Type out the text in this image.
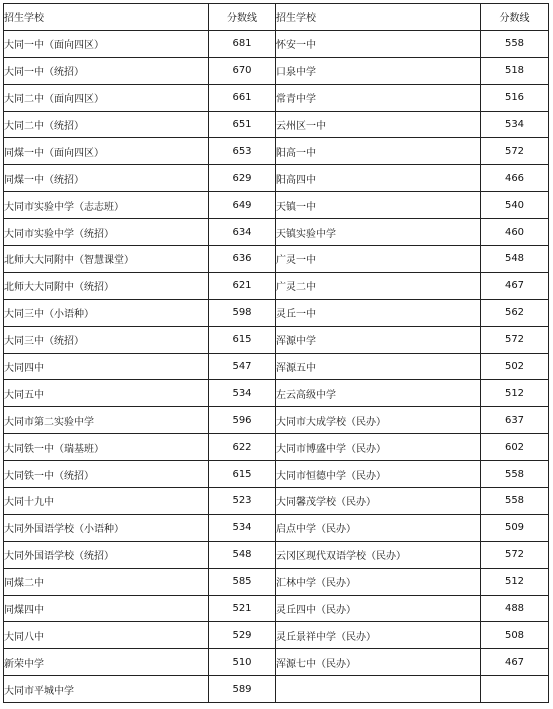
招生学校	分数线	招生学校	分数线
大同一中（面向四区）	681	怀安一中	558
大同一中（统招）	670	口泉中学	518
大同二中（面向四区）	661	常青中学	516
大同二中（统招）	651	云州区一中	534
同煤一中（面向四区）	653	阳高一中	572
同煤一中（统招）	629	阳高四中	466
大同市实验中学（志志班）	649	天镇一中	540
大同市实验中学（统招）	634	天镇实验中学	460
北师大大同附中（智慧课堂）	636	广灵一中	548
北师大大同附中（统招）	621	广灵二中	467
大同三中（小语种）	598	灵丘一中	562
大同三中（统招）	615	浑源中学	572
大同四中	547	浑源五中	502
大同五中	534	左云高级中学	512
大同市第二实验中学	596	大同市大成学校（民办）	637
大同铁一中（瑞基班）	622	大同市博盛中学（民办）	602
大同铁一中（统招）	615	大同市恒德中学（民办）	558
大同十九中	523	大同馨茂学校（民办）	558
大同外国语学校（小语种）	534	启点中学（民办）	509
大同外国语学校（统招）	548	云冈区现代双语学校（民办）	572
同煤二中	585	汇林中学（民办）	512
同煤四中	521	灵丘四中（民办）	488
大同八中	529	灵丘景祥中学（民办）	508
新荣中学	510	浑源七中（民办）	467
大同市平城中学	589		
